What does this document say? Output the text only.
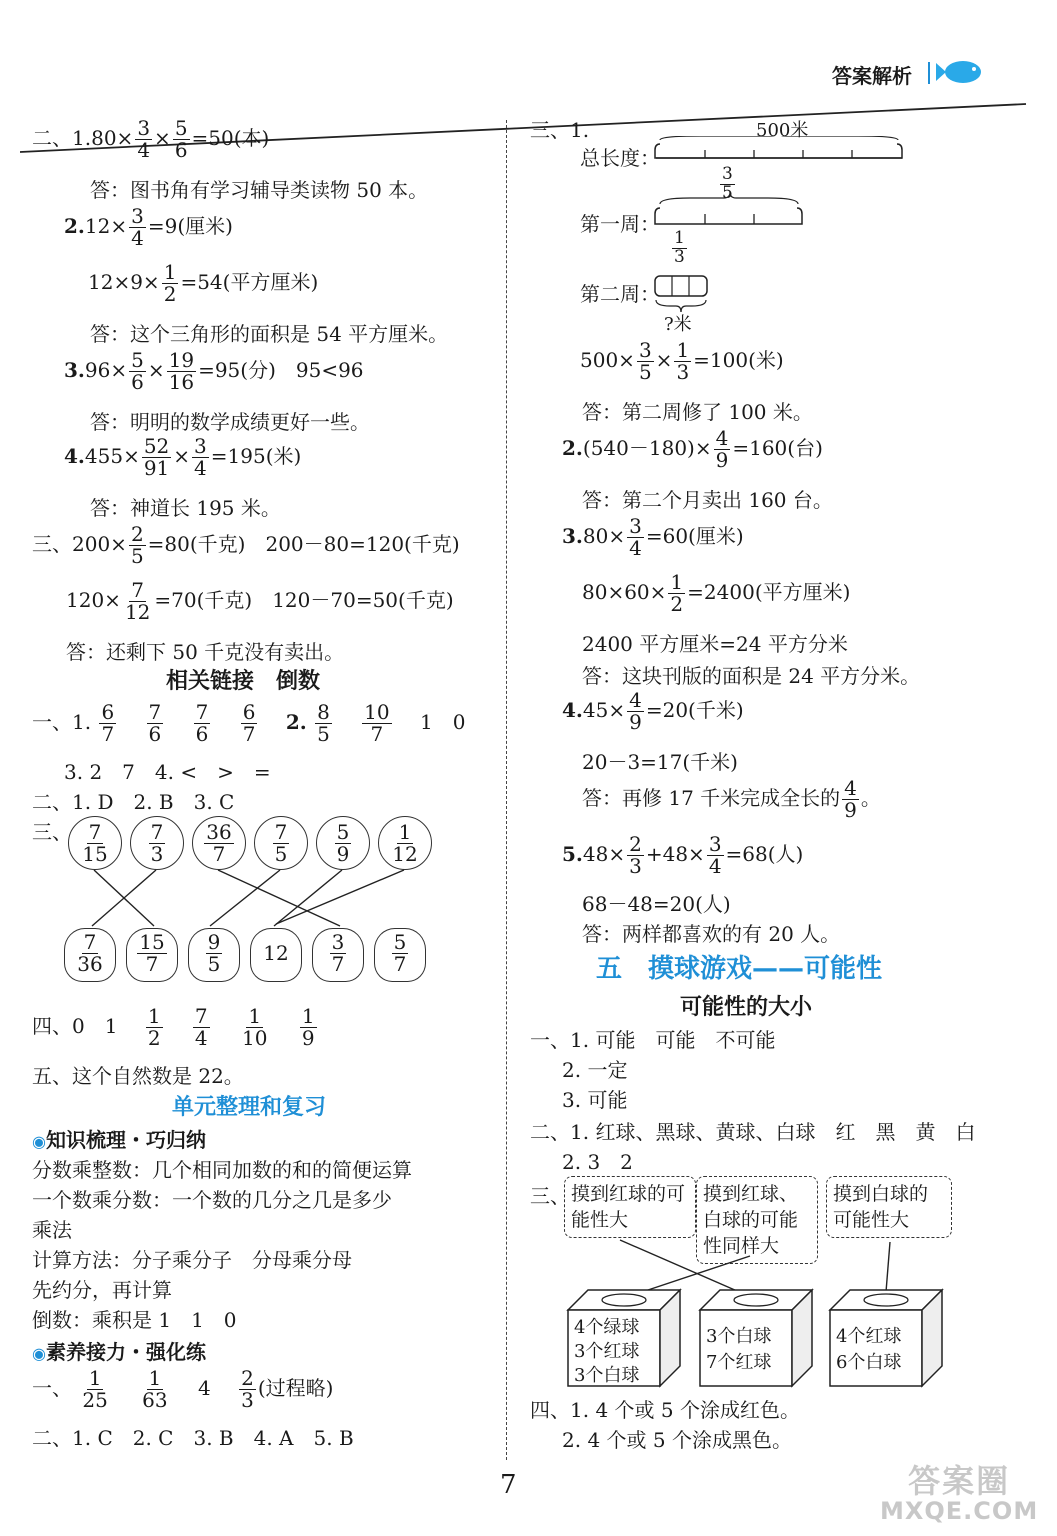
答案解析
二、$1.80\times \frac{3}{4} \times \frac{5}{6} =50$(本)
答：图书角有学习辅导类读物 50 本。
$2.12\times \frac{3}{4} =9$(厘米)
$12\times 9\times \frac{1}{2} =54$(平方厘米)
答：这个三角形的面积是 54 平方厘米。
$3.96\times \frac{5}{6} \times \frac{19}{16} =95$(分)　95<96
答：明明的数学成绩更好一些。
$4.455\times \frac{52}{91} \times \frac{3}{4} =195$(米)
答：神道长 195 米。
三、$200\times \frac{2}{5} =80$(千克)　200－80=120(千克)
$120\times \frac{7}{12} =70$(千克)　120－70=50(千克)
答：还剩下 50 千克没有卖出。
相关链接　倒数
一、1. $\frac{6}{7}$
　 $\frac{7}{6}$
　 $\frac{7}{6}$
　 $\frac{6}{7}$
　 2. $\frac{8}{5}$
　 $\frac{10}{7}$
　 1　0
3. 2　7　4. <　>　=
二、1. D　2. B　3. C
三、 $\frac{7}{15} \frac{7}{3} \frac{36}{7} \frac{7}{5} \frac{5}{9} \frac{1}{12}$
$\frac{7}{36} \frac{15}{7} \frac{9}{5} 12 \frac{3}{7} \frac{5}{7}$
四、0　1　 $\frac{1}{2}$
　 $\frac{7}{4}$
　 $\frac{1}{10}$
　 $\frac{1}{9}$
五、这个自然数是 22。
单元整理和复习
◉知识梳理・巧归纳
分数乘整数：几个相同加数的和的简便运算
一个数乘分数：一个数的几分之几是多少
乘法
计算方法：分子乘分子　分母乘分母
先约分，再计算
倒数：乘积是 1　1　0
◉素养接力・强化练
一、 $\frac{1}{25}$
　 $\frac{1}{63}$
　 4　 $\frac{2}{3}$ (过程略)
二、1. C　2. C　3. B　4. A　5. B
三、1.
总长度：
500米
第一周：
$\frac{3}{5}$
第二周：
$\frac{1}{3}$
?米
$500\times \frac{3}{5} \times \frac{1}{3} =100$(米)
答：第二周修了 100 米。
$2.(540-180)\times \frac{4}{9} =160$(台)
答：第二个月卖出 160 台。
$3.80\times \frac{3}{4} =60$(厘米)
$80\times 60\times \frac{1}{2} =2400$(平方厘米)
2400 平方厘米=24 平方分米
答：这块刊版的面积是 24 平方分米。
$4.45\times \frac{4}{9} =20$(千米)
20－3=17(千米)
答：再修 17 千米完成全长的 $\frac{4}{9}$ 。
$5.48\times \frac{2}{3} +48\times \frac{3}{4} =68$(人)
68－48=20(人)
答：两样都喜欢的有 20 人。
五　摸球游戏——可能性
可能性的大小
一、1. 可能　可能　不可能
2. 一定
3. 可能
二、1. 红球、黑球、黄球、白球　红　黑　黄　白
2. 3　2
三、 摸到红球的可能性大
摸到红球、白球的可能性同样大
摸到白球的可能性大
4个绿球
3个红球
3个白球
3个白球
7个红球
4个红球
6个白球
四、1. 4 个或 5 个涂成红色。
2. 4 个或 5 个涂成黑色。
7	答案圈
MXQE.COM
